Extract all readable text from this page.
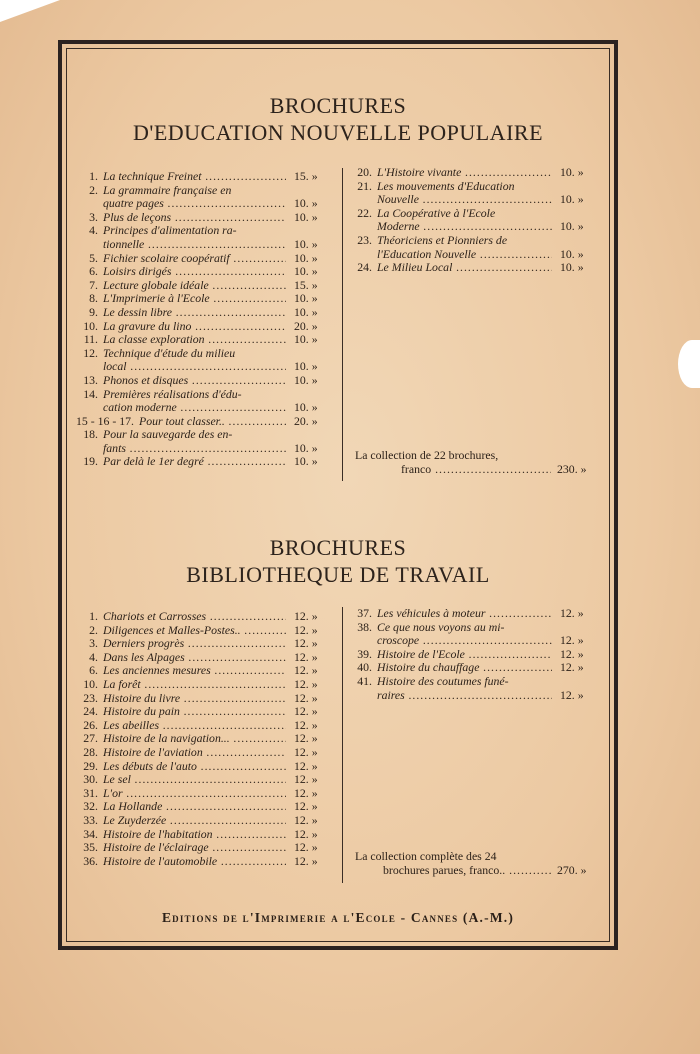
BROCHURES
D'EDUCATION NOUVELLE POPULAIRE
1. La technique Freinet .....	15. »
2. La grammaire française en
quatre pages .....	10. »
3. Plus de leçons .....	10. »
4. Principes d'alimentation ra-
tionnelle .....	10. »
5. Fichier scolaire coopératif .....	10. »
6. Loisirs dirigés .....	10. »
7. Lecture globale idéale .....	15. »
8. L'Imprimerie à l'Ecole .....	10. »
9. Le dessin libre .....	10. »
10. La gravure du lino .....	20. »
11. La classe exploration .....	10. »
12. Technique d'étude du milieu
local .....	10. »
13. Phonos et disques .....	10. »
14. Premières réalisations d'édu-
cation moderne .....	10. »
15 - 16 - 17. Pour tout classer.. .....	20. »
18. Pour la sauvegarde des en-
fants .....	10. »
19. Par delà le 1er degré .....	10. »
20. L'Histoire vivante .....	10. »
21. Les mouvements d'Education
Nouvelle .....	10. »
22. La Coopérative à l'Ecole
Moderne .....	10. »
23. Théoriciens et Pionniers de
l'Education Nouvelle .....	10. »
24. Le Milieu Local .....	10. »
La collection de 22 brochures,
franco .....	230. »
BROCHURES
BIBLIOTHEQUE DE TRAVAIL
1. Chariots et Carrosses .....	12. »
2. Diligences et Malles-Postes.. .....	12. »
3. Derniers progrès .....	12. »
4. Dans les Alpages .....	12. »
6. Les anciennes mesures .....	12. »
10. La forêt .....	12. »
23. Histoire du livre .....	12. »
24. Histoire du pain .....	12. »
26. Les abeilles .....	12. »
27. Histoire de la navigation... .....	12. »
28. Histoire de l'aviation .....	12. »
29. Les débuts de l'auto .....	12. »
30. Le sel .....	12. »
31. L'or .....	12. »
32. La Hollande .....	12. »
33. Le Zuyderzée .....	12. »
34. Histoire de l'habitation .....	12. »
35. Histoire de l'éclairage .....	12. »
36. Histoire de l'automobile .....	12. »
37. Les véhicules à moteur .....	12. »
38. Ce que nous voyons au mi-
croscope .....	12. »
39. Histoire de l'Ecole .....	12. »
40. Histoire du chauffage .....	12. »
41. Histoire des coutumes funé-
raires .....	12. »
La collection complète des 24
brochures parues, franco.. .....	270. »
Editions de l'Imprimerie a l'Ecole - Cannes (A.-M.)
